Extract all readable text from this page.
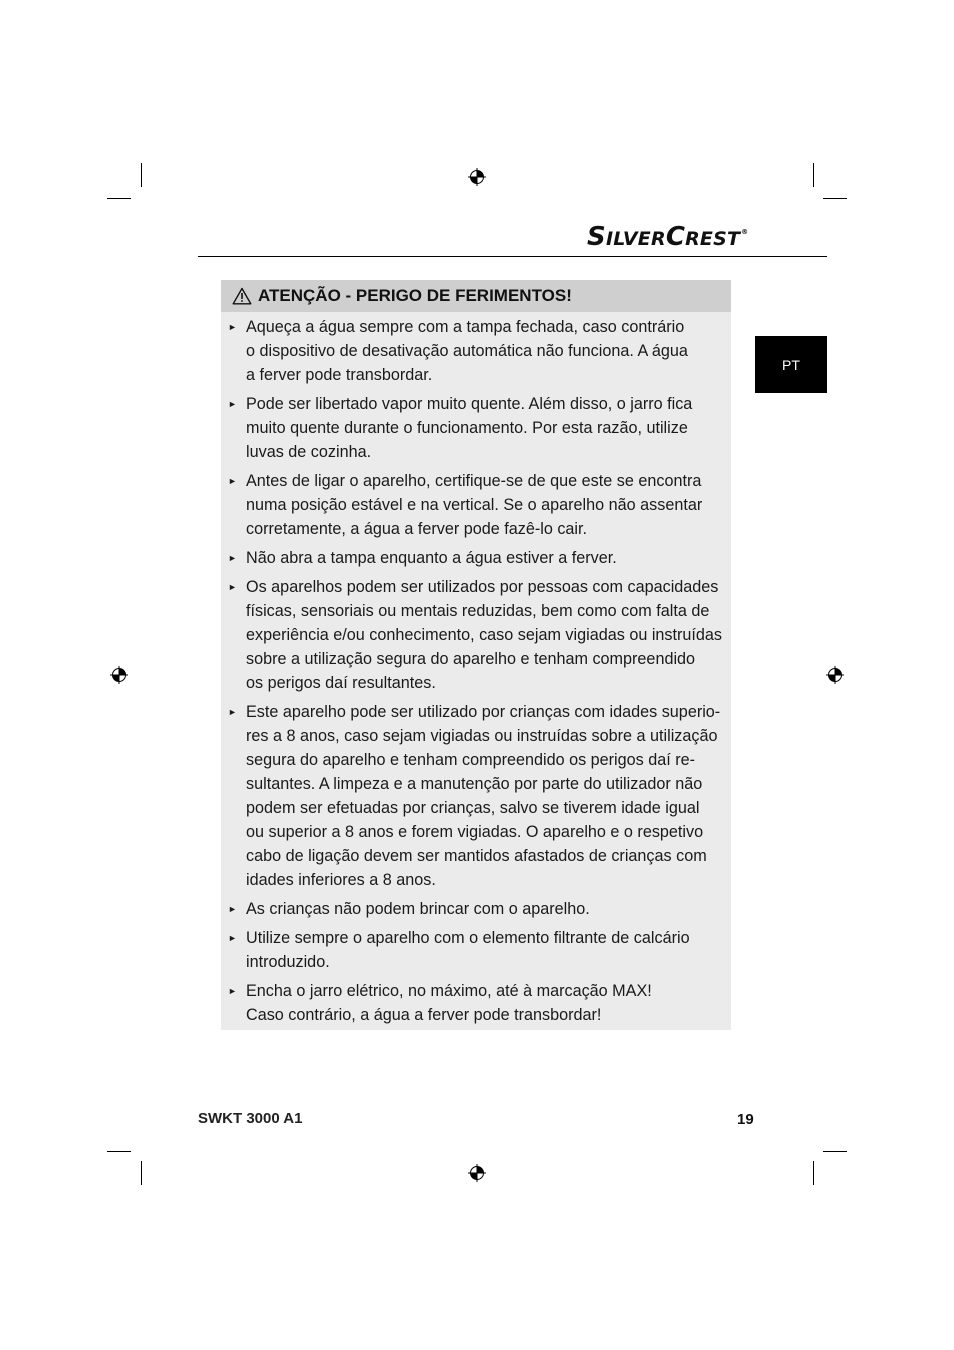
SILVERCREST®
PT
ATENÇÃO - PERIGO DE FERIMENTOS!
► Aqueça a água sempre com a tampa fechada, caso contrário
o dispositivo de desativação automática não funciona. A água
a ferver pode transbordar.
► Pode ser libertado vapor muito quente. Além disso, o jarro fica
muito quente durante o funcionamento. Por esta razão, utilize
luvas de cozinha.
► Antes de ligar o aparelho, certifique-se de que este se encontra
numa posição estável e na vertical. Se o aparelho não assentar
corretamente, a água a ferver pode fazê-lo cair.
► Não abra a tampa enquanto a água estiver a ferver.
► Os aparelhos podem ser utilizados por pessoas com capacidades
físicas, sensoriais ou mentais reduzidas, bem como com falta de
experiência e/ou conhecimento, caso sejam vigiadas ou instruídas
sobre a utilização segura do aparelho e tenham compreendido
os perigos daí resultantes.
► Este aparelho pode ser utilizado por crianças com idades superio-
res a 8 anos, caso sejam vigiadas ou instruídas sobre a utilização
segura do aparelho e tenham compreendido os perigos daí re-
sultantes. A limpeza e a manutenção por parte do utilizador não
podem ser efetuadas por crianças, salvo se tiverem idade igual
ou superior a 8 anos e forem vigiadas. O aparelho e o respetivo
cabo de ligação devem ser mantidos afastados de crianças com
idades inferiores a 8 anos.
► As crianças não podem brincar com o aparelho.
► Utilize sempre o aparelho com o elemento filtrante de calcário
introduzido.
► Encha o jarro elétrico, no máximo, até à marcação MAX!
Caso contrário, a água a ferver pode transbordar!
SWKT 3000 A1	19
